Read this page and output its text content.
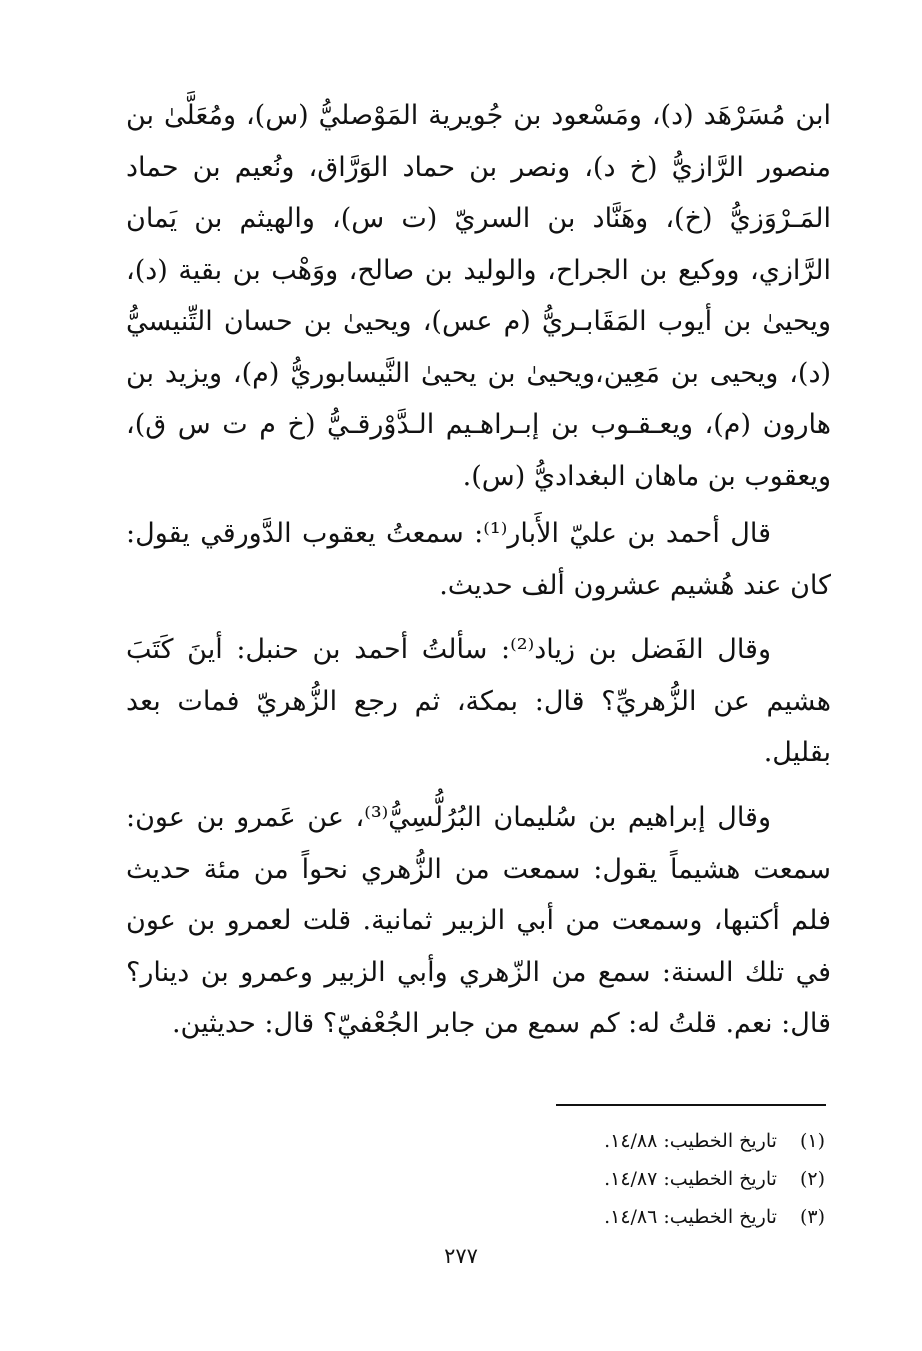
ابن مُسَرْهَد (د)، ومَسْعود بن جُويرية المَوْصليُّ (س)، ومُعَلَّىٰ بن منصور الرَّازيُّ (خ د)، ونصر بن حماد الوَرَّاق، ونُعيم بن حماد المَـرْوَزيُّ (خ)، وهَنَّاد بن السريّ (ت س)، والهيثم بن يَمان الرَّازي، ووكيع بن الجراح، والوليد بن صالح، ووَهْب بن بقية (د)، ويحيىٰ بن أيوب المَقَابـريُّ (م عس)، ويحيىٰ بن حسان التِّنيسيُّ (د)، ويحيى بن مَعِين،ويحيىٰ بن يحيىٰ النَّيسابوريُّ (م)، ويزيد بن هارون (م)، ويعـقـوب بن إبـراهـيم الـدَّوْرقـيُّ (خ م ت س ق)، ويعقوب بن ماهان البغداديُّ (س).

قال أحمد بن عليّ الأَبار⁽¹⁾: سمعتُ يعقوب الدَّورقي يقول: كان عند هُشيم عشرون ألف حديث.

وقال الفَضل بن زياد⁽²⁾: سألتُ أحمد بن حنبل: أينَ كَتَبَ هشيم عن الزُّهريِّ؟ قال: بمكة، ثم رجع الزُّهريّ فمات بعد بقليل.

وقال إبراهيم بن سُليمان البُرُلُّسِيُّ⁽³⁾، عن عَمرو بن عون: سمعت هشيماً يقول: سمعت من الزُّهري نحواً من مئة حديث فلم أكتبها، وسمعت من أبي الزبير ثمانية. قلت لعمرو بن عون في تلك السنة: سمع من الزّهري وأبي الزبير وعمرو بن دينار؟ قال: نعم. قلتُ له: كم سمع من جابر الجُعْفيّ؟ قال: حديثين.

(١) تاريخ الخطيب: ١٤/٨٨.
(٢) تاريخ الخطيب: ١٤/٨٧.
(٣) تاريخ الخطيب: ١٤/٨٦.
٢٧٧
